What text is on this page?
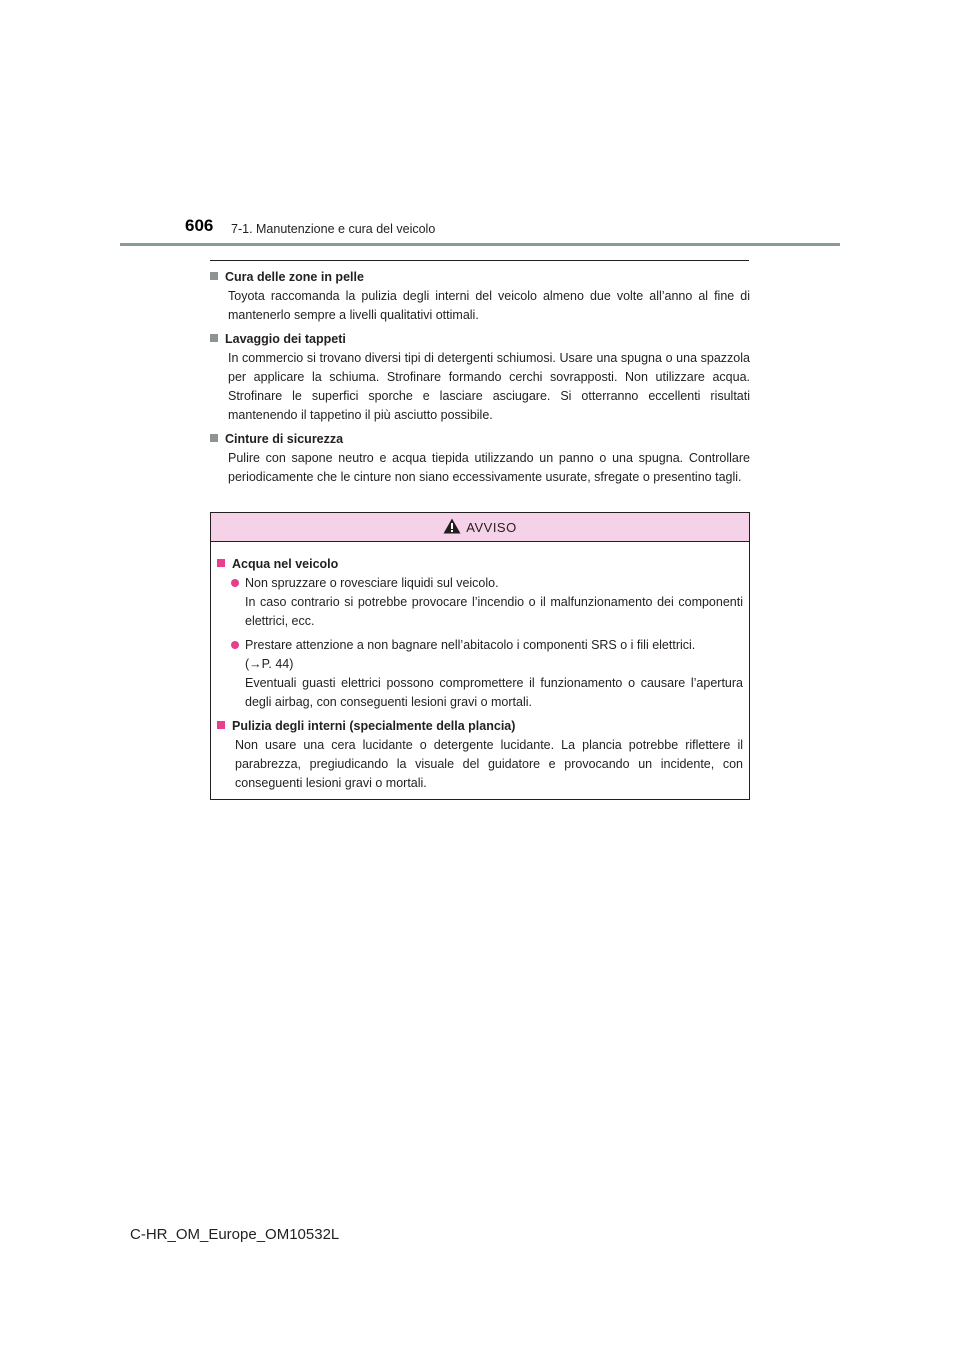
606 7-1. Manutenzione e cura del veicolo

Cura delle zone in pelle

Toyota raccomanda la pulizia degli interni del veicolo almeno due volte all’anno al fine di mantenerlo sempre a livelli qualitativi ottimali.

Lavaggio dei tappeti

In commercio si trovano diversi tipi di detergenti schiumosi. Usare una spugna o una spazzola per applicare la schiuma. Strofinare formando cerchi sovrapposti. Non utilizzare acqua. Strofinare le superfici sporche e lasciare asciugare. Si otterranno eccellenti risultati mantenendo il tappetino il più asciutto possibile.

Cinture di sicurezza

Pulire con sapone neutro e acqua tiepida utilizzando un panno o una spugna. Controllare periodicamente che le cinture non siano eccessivamente usurate, sfregate o presentino tagli.

AVVISO

Acqua nel veicolo

Non spruzzare o rovesciare liquidi sul veicolo.
In caso contrario si potrebbe provocare l’incendio o il malfunzionamento dei componenti elettrici, ecc.
Prestare attenzione a non bagnare nell’abitacolo i componenti SRS o i fili elettrici.
(→P. 44)
Eventuali guasti elettrici possono compromettere il funzionamento o causare l’apertura degli airbag, con conseguenti lesioni gravi o mortali.

Pulizia degli interni (specialmente della plancia)

Non usare una cera lucidante o detergente lucidante. La plancia potrebbe riflettere il parabrezza, pregiudicando la visuale del guidatore e provocando un incidente, con conseguenti lesioni gravi o mortali.

C-HR_OM_Europe_OM10532L
